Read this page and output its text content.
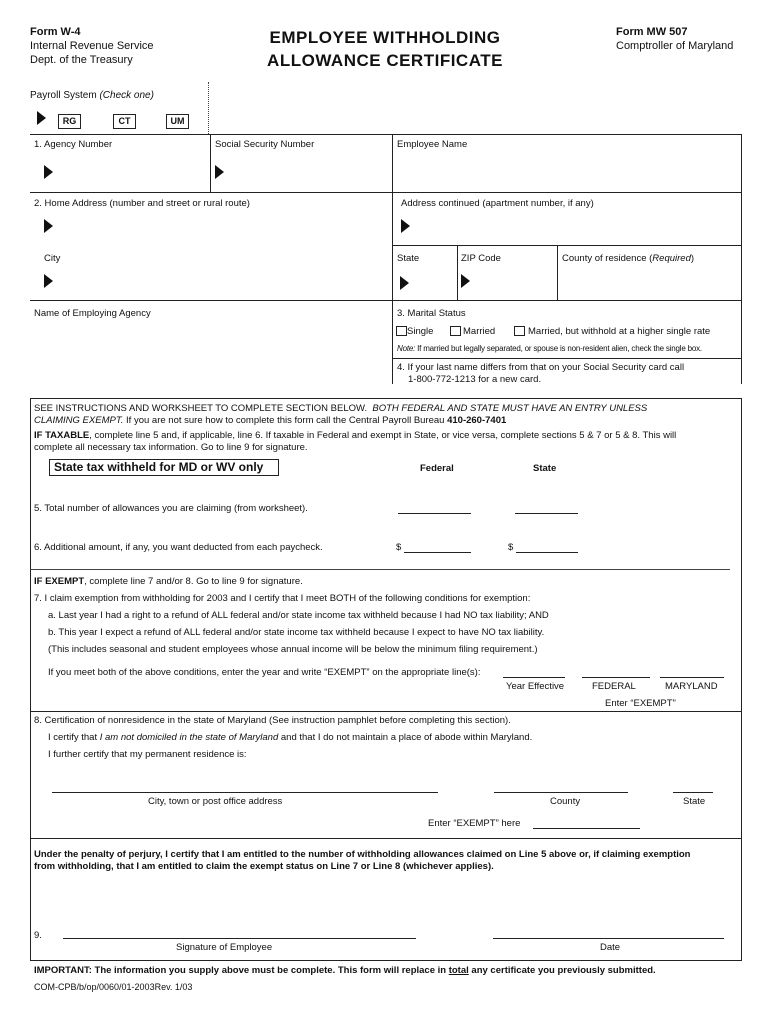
Form W-4
Internal Revenue Service
Dept. of the Treasury
EMPLOYEE WITHHOLDING
ALLOWANCE CERTIFICATE
Form MW 507
Comptroller of Maryland
Payroll System (Check one)
RG	CT	UM
1. Agency Number	Social Security Number	Employee Name
2. Home Address (number and street or rural route)	Address continued (apartment number, if any)
City	State	ZIP Code	County of residence (Required)
Name of Employing Agency	3. Marital Status
Single	Married	Married, but withhold at a higher single rate
Note: If married but legally separated, or spouse is non-resident alien, check the single box.
4. If your last name differs from that on your Social Security card call
1-800-772-1213 for a new card.
SEE INSTRUCTIONS AND WORKSHEET TO COMPLETE SECTION BELOW. BOTH FEDERAL AND STATE MUST HAVE AN ENTRY UNLESS
CLAIMING EXEMPT. If you are not sure how to complete this form call the Central Payroll Bureau 410-260-7401
IF TAXABLE, complete line 5 and, if applicable, line 6. If taxable in Federal and exempt in State, or vice versa, complete sections 5 & 7 or 5 & 8. This will
complete all necessary tax information. Go to line 9 for signature.
State tax withheld for MD or WV only	Federal	State
5. Total number of allowances you are claiming (from worksheet).
6. Additional amount, if any, you want deducted from each paycheck.	$	$
IF EXEMPT, complete line 7 and/or 8. Go to line 9 for signature.
7. I claim exemption from withholding for 2003 and I certify that I meet BOTH of the following conditions for exemption:
a. Last year I had a right to a refund of ALL federal and/or state income tax withheld because I had NO tax liability; AND
b. This year I expect a refund of ALL federal and/or state income tax withheld because I expect to have NO tax liability.
(This includes seasonal and student employees whose annual income will be below the minimum filing requirement.)
If you meet both of the above conditions, enter the year and write “EXEMPT” on the appropriate line(s):
Year Effective	FEDERAL	MARYLAND
Enter “EXEMPT”
8. Certification of nonresidence in the state of Maryland (See instruction pamphlet before completing this section).
I certify that I am not domiciled in the state of Maryland and that I do not maintain a place of abode within Maryland.
I further certify that my permanent residence is:
City, town or post office address	County	State
Enter “EXEMPT” here
Under the penalty of perjury, I certify that I am entitled to the number of withholding allowances claimed on Line 5 above or, if claiming exemption
from withholding, that I am entitled to claim the exempt status on Line 7 or Line 8 (whichever applies).
9.
Signature of Employee	Date
IMPORTANT: The information you supply above must be complete. This form will replace in total any certificate you previously submitted.
COM-CPB/b/op/0060/01-2003Rev. 1/03
